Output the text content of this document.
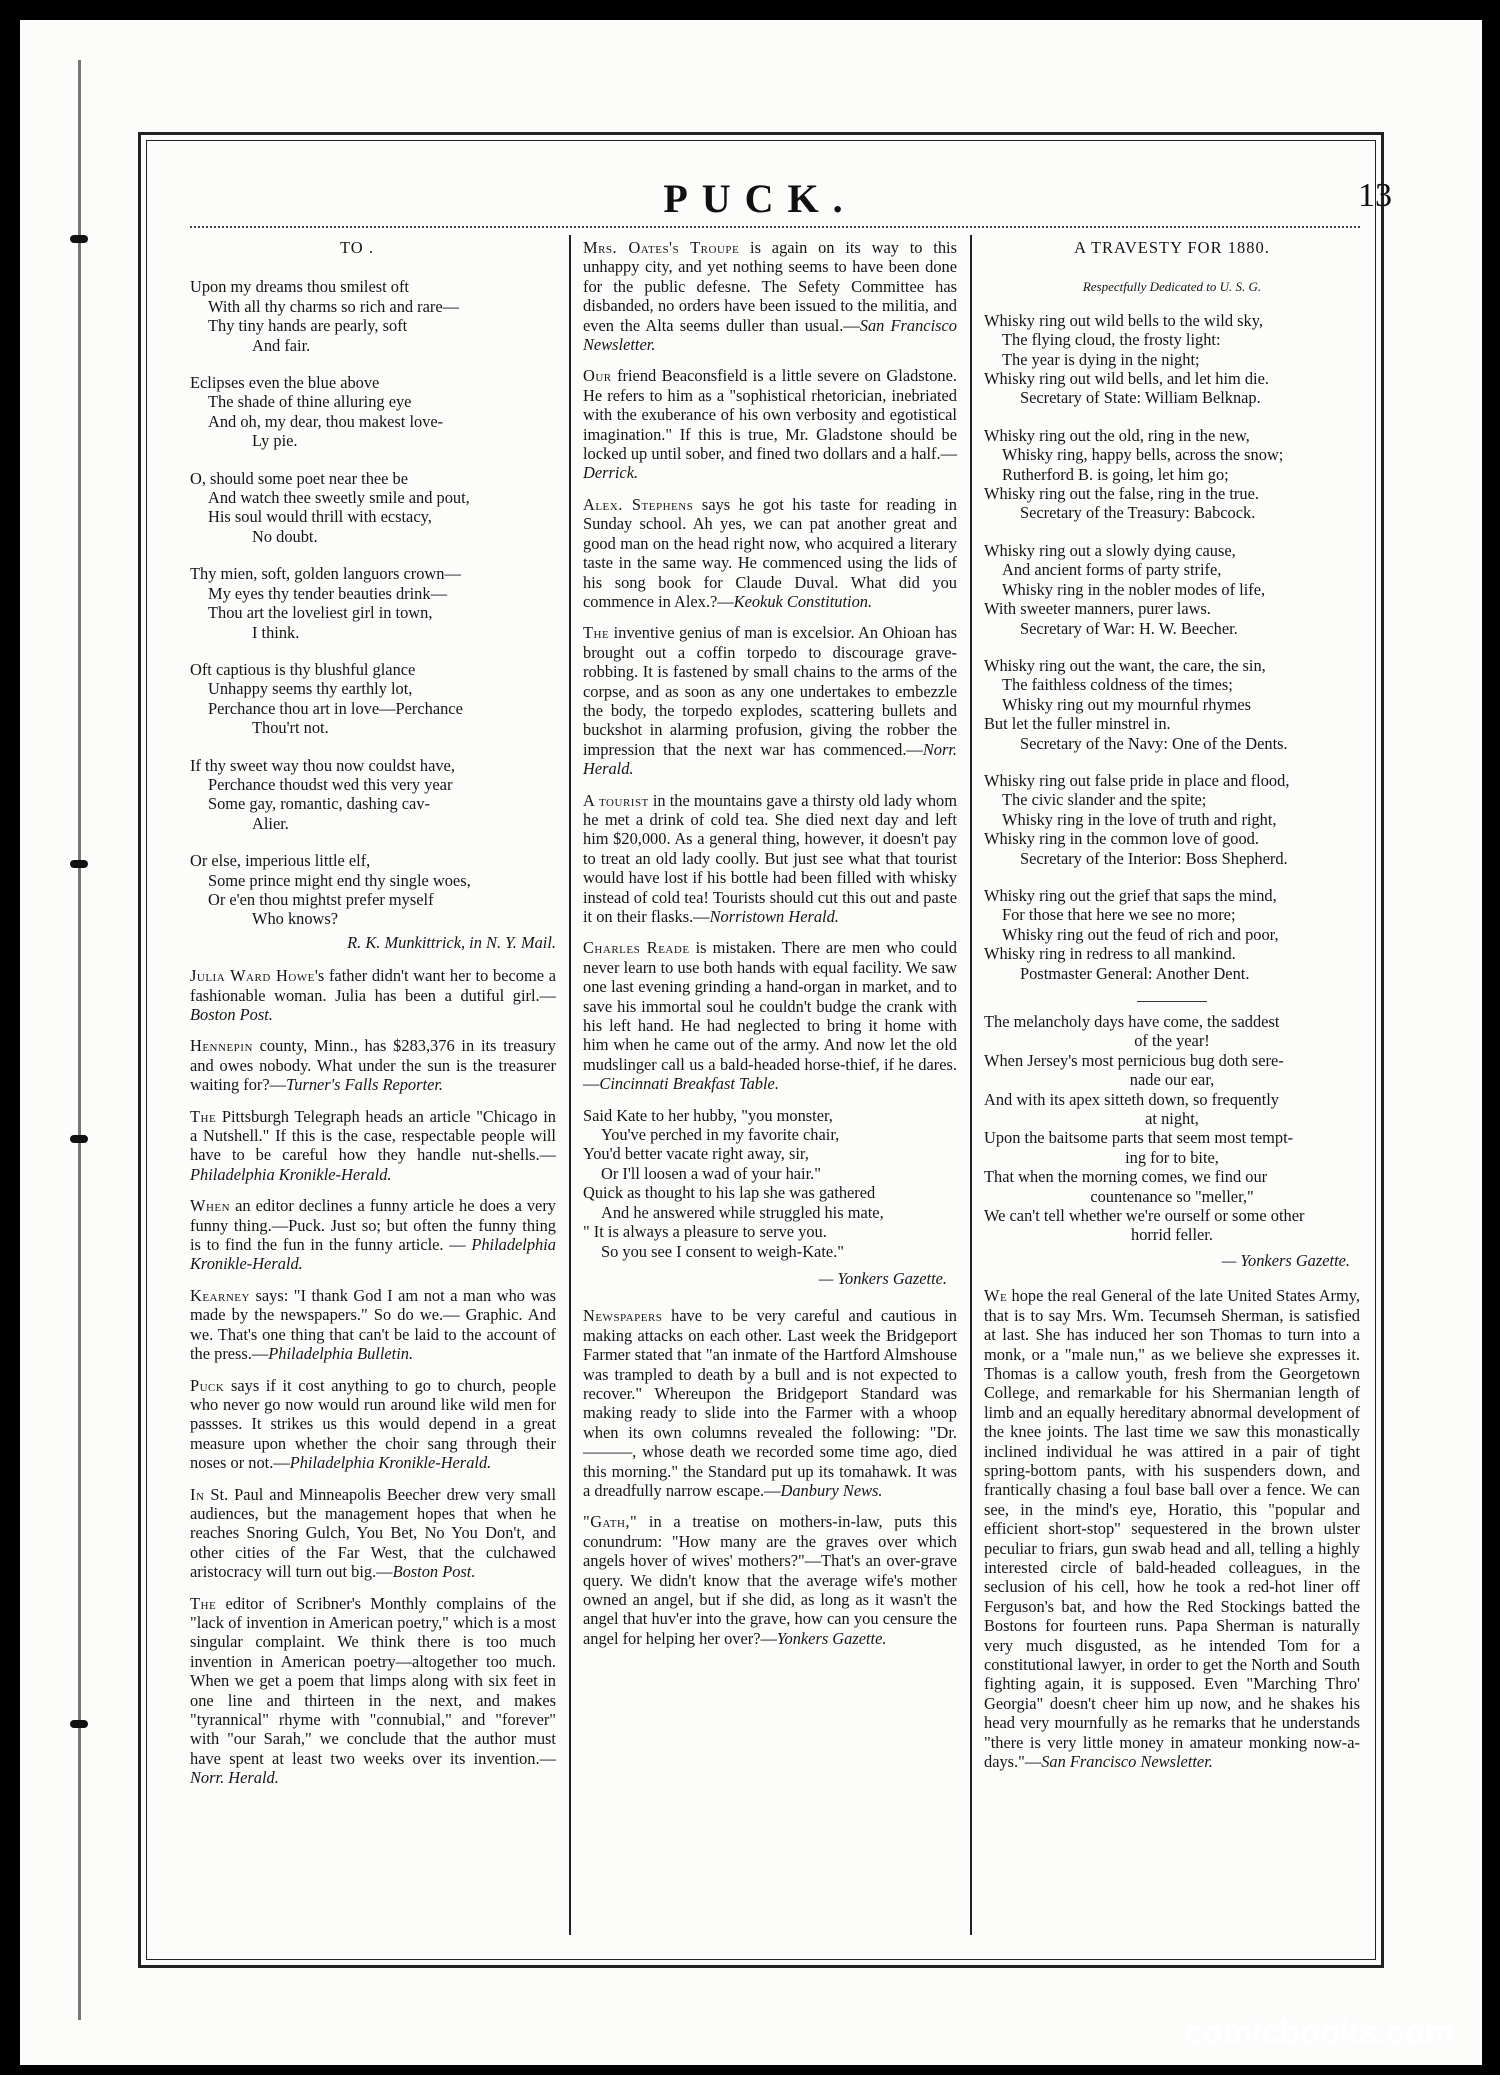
PUCK.	13
TO .
Upon my dreams thou smilest oft
With all thy charms so rich and rare—
Thy tiny hands are pearly, soft
And fair.
Eclipses even the blue above
The shade of thine alluring eye
And oh, my dear, thou makest love-
Ly pie.
O, should some poet near thee be
And watch thee sweetly smile and pout,
His soul would thrill with ecstacy,
No doubt.
Thy mien, soft, golden languors crown—
My eyes thy tender beauties drink—
Thou art the loveliest girl in town,
I think.
Oft captious is thy blushful glance
Unhappy seems thy earthly lot,
Perchance thou art in love—Perchance
Thou'rt not.
If thy sweet way thou now couldst have,
Perchance thoudst wed this very year
Some gay, romantic, dashing cav-
Alier.
Or else, imperious little elf,
Some prince might end thy single woes,
Or e'en thou mightst prefer myself
Who knows?
R. K. Munkittrick, in N. Y. Mail.

Julia Ward Howe's father didn't want her to become a fashionable woman. Julia has been a dutiful girl.—Boston Post.

Hennepin county, Minn., has $283,376 in its treasury and owes nobody. What under the sun is the treasurer waiting for?—Turner's Falls Reporter.

The Pittsburgh Telegraph heads an article "Chicago in a Nutshell." If this is the case, respectable people will have to be careful how they handle nut-shells.—Philadelphia Kronikle-Herald.

When an editor declines a funny article he does a very funny thing.—Puck. Just so; but often the funny thing is to find the fun in the funny article. — Philadelphia Kronikle-Herald.

Kearney says: "I thank God I am not a man who was made by the newspapers." So do we.— Graphic. And we. That's one thing that can't be laid to the account of the press.—Philadelphia Bulletin.

Puck says if it cost anything to go to church, people who never go now would run around like wild men for passses. It strikes us this would depend in a great measure upon whether the choir sang through their noses or not.—Philadelphia Kronikle-Herald.

In St. Paul and Minneapolis Beecher drew very small audiences, but the management hopes that when he reaches Snoring Gulch, You Bet, No You Don't, and other cities of the Far West, that the culchawed aristocracy will turn out big.—Boston Post.

The editor of Scribner's Monthly complains of the "lack of invention in American poetry," which is a most singular complaint. We think there is too much invention in American poetry—altogether too much. When we get a poem that limps along with six feet in one line and thirteen in the next, and makes "tyrannical" rhyme with "connubial," and "forever" with "our Sarah," we conclude that the author must have spent at least two weeks over its invention.—Norr. Herald.

Mrs. Oates's Troupe is again on its way to this unhappy city, and yet nothing seems to have been done for the public defesne. The Sefety Committee has disbanded, no orders have been issued to the militia, and even the Alta seems duller than usual.—San Francisco Newsletter.

Our friend Beaconsfield is a little severe on Gladstone. He refers to him as a "sophistical rhetorician, inebriated with the exuberance of his own verbosity and egotistical imagination." If this is true, Mr. Gladstone should be locked up until sober, and fined two dollars and a half.—Derrick.

Alex. Stephens says he got his taste for reading in Sunday school. Ah yes, we can pat another great and good man on the head right now, who acquired a literary taste in the same way. He commenced using the lids of his song book for Claude Duval. What did you commence in Alex.?—Keokuk Constitution.

The inventive genius of man is excelsior. An Ohioan has brought out a coffin torpedo to discourage grave-robbing. It is fastened by small chains to the arms of the corpse, and as soon as any one undertakes to embezzle the body, the torpedo explodes, scattering bullets and buckshot in alarming profusion, giving the robber the impression that the next war has commenced.—Norr. Herald.

A tourist in the mountains gave a thirsty old lady whom he met a drink of cold tea. She died next day and left him $20,000. As a general thing, however, it doesn't pay to treat an old lady coolly. But just see what that tourist would have lost if his bottle had been filled with whisky instead of cold tea! Tourists should cut this out and paste it on their flasks.—Norristown Herald.

Charles Reade is mistaken. There are men who could never learn to use both hands with equal facility. We saw one last evening grinding a hand-organ in market, and to save his immortal soul he couldn't budge the crank with his left hand. He had neglected to bring it home with him when he came out of the army. And now let the old mudslinger call us a bald-headed horse-thief, if he dares.—Cincinnati Breakfast Table.

Said Kate to her hubby, "you monster,
You've perched in my favorite chair,
You'd better vacate right away, sir,
Or I'll loosen a wad of your hair."
Quick as thought to his lap she was gathered
And he answered while struggled his mate,
" It is always a pleasure to serve you.
So you see I consent to weigh-Kate."
— Yonkers Gazette.

Newspapers have to be very careful and cautious in making attacks on each other. Last week the Bridgeport Farmer stated that "an inmate of the Hartford Almshouse was trampled to death by a bull and is not expected to recover." Whereupon the Bridgeport Standard was making ready to slide into the Farmer with a whoop when its own columns revealed the following: "Dr.———, whose death we recorded some time ago, died this morning." the Standard put up its tomahawk. It was a dreadfully narrow escape.—Danbury News.

"Gath," in a treatise on mothers-in-law, puts this conundrum: "How many are the graves over which angels hover of wives' mothers?"—That's an over-grave query. We didn't know that the average wife's mother owned an angel, but if she did, as long as it wasn't the angel that huv'er into the grave, how can you censure the angel for helping her over?—Yonkers Gazette.

A TRAVESTY FOR 1880.
Respectfully Dedicated to U. S. G.
Whisky ring out wild bells to the wild sky,
The flying cloud, the frosty light:
The year is dying in the night;
Whisky ring out wild bells, and let him die.
Secretary of State: William Belknap.
Whisky ring out the old, ring in the new,
Whisky ring, happy bells, across the snow;
Rutherford B. is going, let him go;
Whisky ring out the false, ring in the true.
Secretary of the Treasury: Babcock.
Whisky ring out a slowly dying cause,
And ancient forms of party strife,
Whisky ring in the nobler modes of life,
With sweeter manners, purer laws.
Secretary of War: H. W. Beecher.
Whisky ring out the want, the care, the sin,
The faithless coldness of the times;
Whisky ring out my mournful rhymes
But let the fuller minstrel in.
Secretary of the Navy: One of the Dents.
Whisky ring out false pride in place and flood,
The civic slander and the spite;
Whisky ring in the love of truth and right,
Whisky ring in the common love of good.
Secretary of the Interior: Boss Shepherd.
Whisky ring out the grief that saps the mind,
For those that here we see no more;
Whisky ring out the feud of rich and poor,
Whisky ring in redress to all mankind.
Postmaster General: Another Dent.
The melancholy days have come, the saddest
of the year!
When Jersey's most pernicious bug doth sere-
nade our ear,
And with its apex sitteth down, so frequently
at night,
Upon the baitsome parts that seem most tempt-
ing for to bite,
That when the morning comes, we find our
countenance so "meller,"
We can't tell whether we're ourself or some other
horrid feller.
— Yonkers Gazette.

We hope the real General of the late United States Army, that is to say Mrs. Wm. Tecumseh Sherman, is satisfied at last. She has induced her son Thomas to turn into a monk, or a "male nun," as we believe she expresses it. Thomas is a callow youth, fresh from the Georgetown College, and remarkable for his Shermanian length of limb and an equally hereditary abnormal development of the knee joints. The last time we saw this monastically inclined individual he was attired in a pair of tight spring-bottom pants, with his suspenders down, and frantically chasing a foul base ball over a fence. We can see, in the mind's eye, Horatio, this "popular and efficient short-stop" sequestered in the brown ulster peculiar to friars, gun swab head and all, telling a highly interested circle of bald-headed colleagues, in the seclusion of his cell, how he took a red-hot liner off Ferguson's bat, and how the Red Stockings batted the Bostons for fourteen runs. Papa Sherman is naturally very much disgusted, as he intended Tom for a constitutional lawyer, in order to get the North and South fighting again, it is supposed. Even "Marching Thro' Georgia" doesn't cheer him up now, and he shakes his head very mournfully as he remarks that he understands "there is very little money in amateur monking now-a-days."—San Francisco Newsletter.

comicbooks.com
